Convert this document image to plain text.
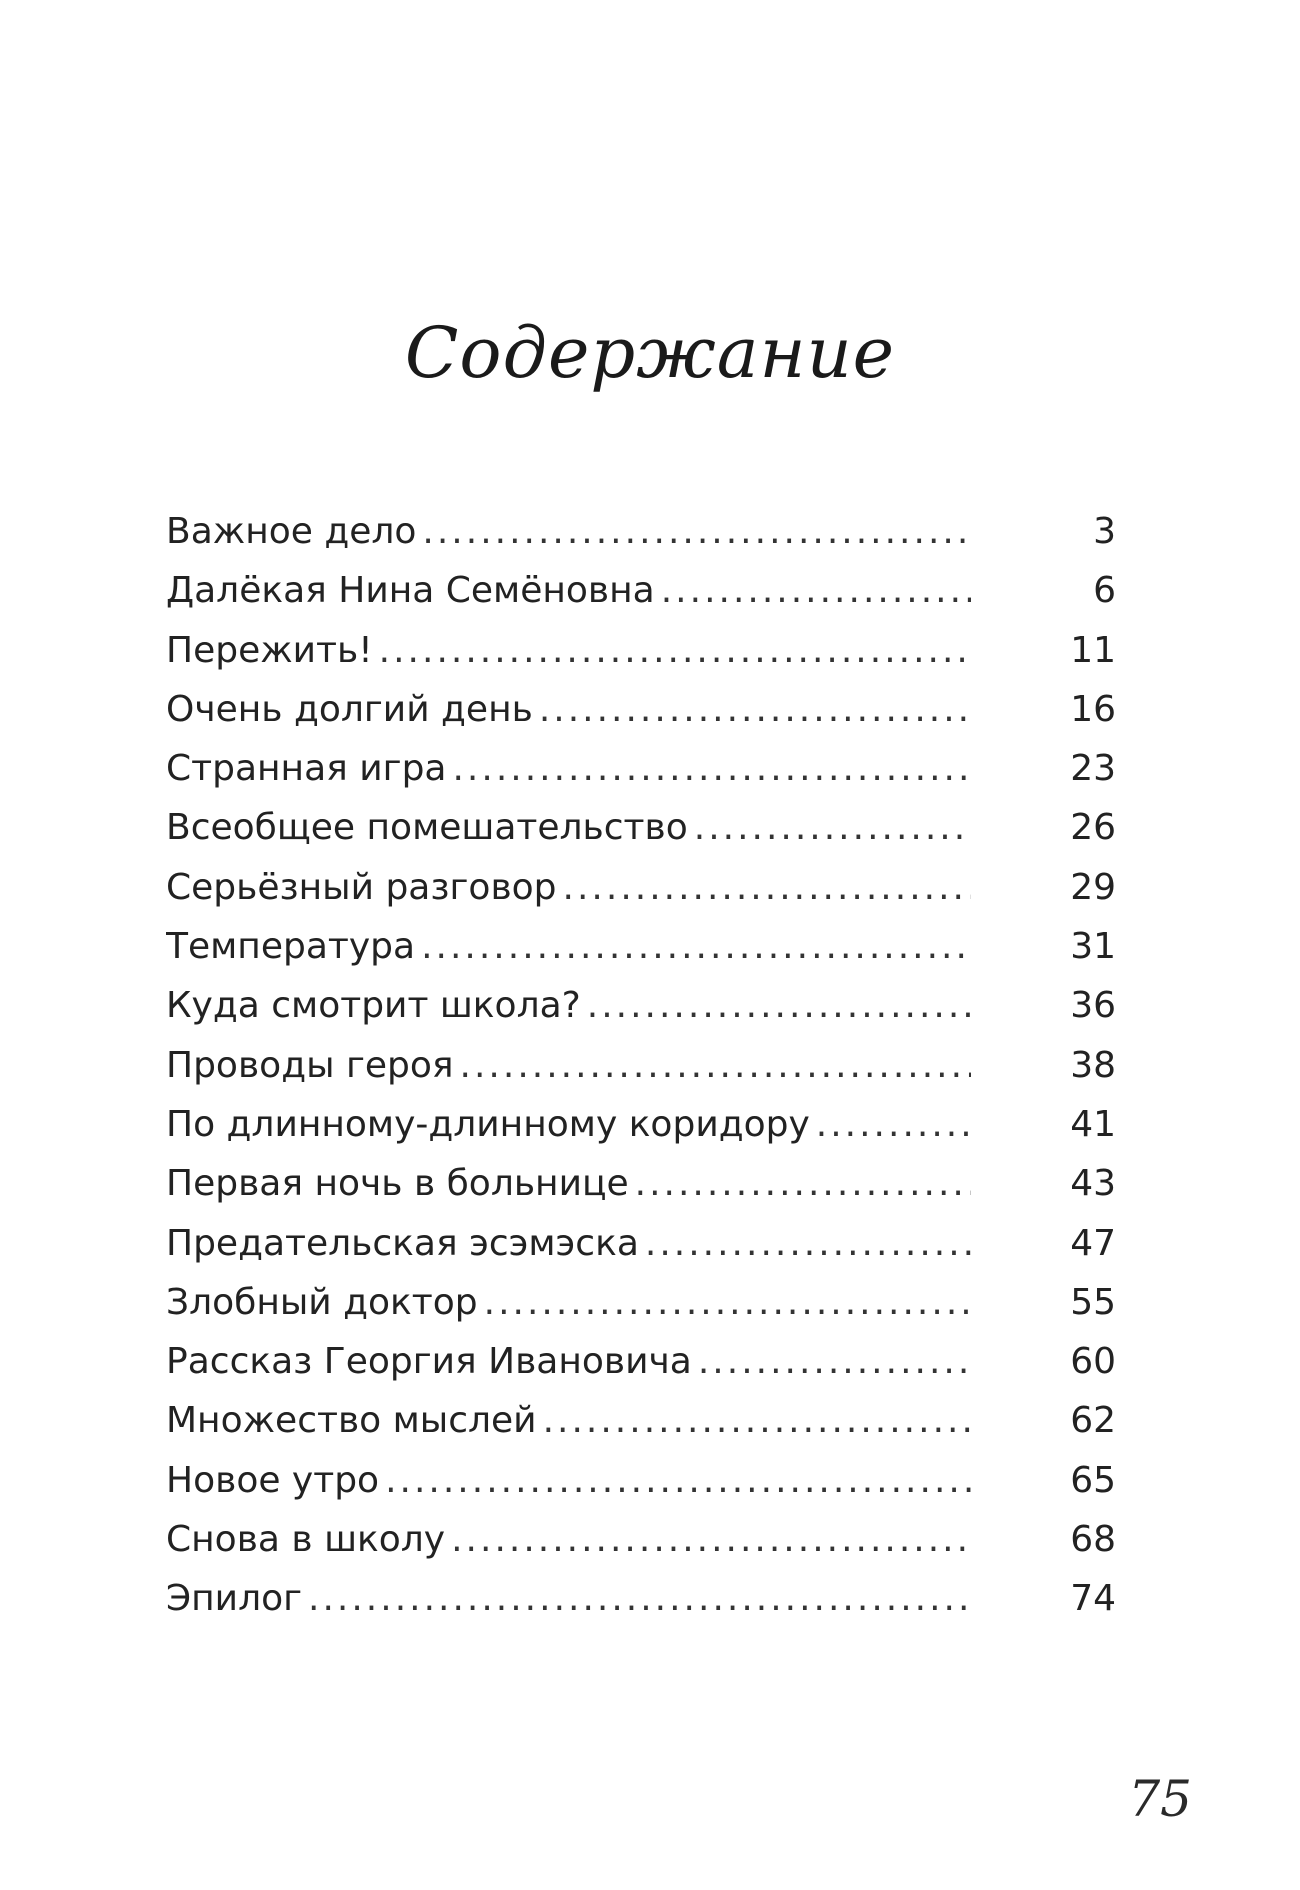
Содержание
Важное дело .....	3
Далёкая Нина Семёновна .....	6
Пережить! .....	11
Очень долгий день .....	16
Странная игра .....	23
Всеобщее помешательство .....	26
Серьёзный разговор .....	29
Температура .....	31
Куда смотрит школа? .....	36
Проводы героя .....	38
По длинному-длинному коридору .....	41
Первая ночь в больнице .....	43
Предательская эсэмэска .....	47
Злобный доктор .....	55
Рассказ Георгия Ивановича .....	60
Множество мыслей .....	62
Новое утро .....	65
Снова в школу .....	68
Эпилог .....	74
75
